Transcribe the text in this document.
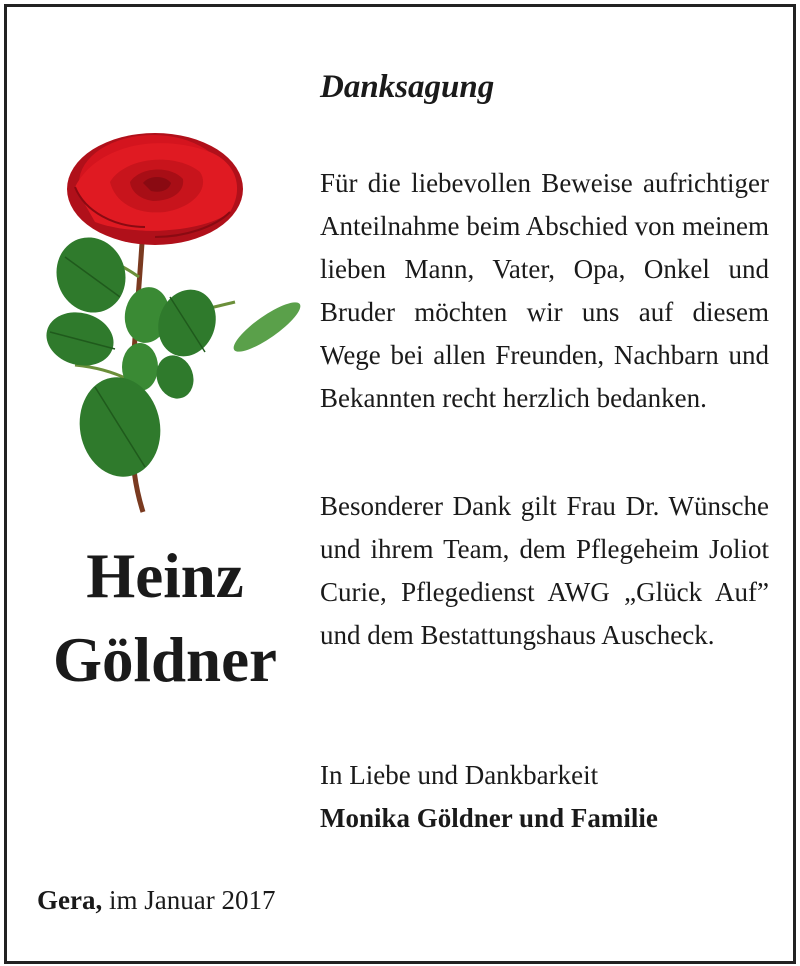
Danksagung

Für die liebevollen Beweise aufrichtiger Anteilnahme beim Abschied von meinem lieben Mann, Vater, Opa, Onkel und Bruder möchten wir uns auf diesem Wege bei allen Freunden, Nachbarn und Bekannten recht herzlich bedanken.

Besonderer Dank gilt Frau Dr. Wünsche und ihrem Team, dem Pflegeheim Joliot Curie, Pflegedienst AWG „Glück Auf” und dem Bestattungshaus Auscheck.

In Liebe und Dankbarkeit
Monika Göldner und Familie
Heinz
Göldner
Gera, im Januar 2017
